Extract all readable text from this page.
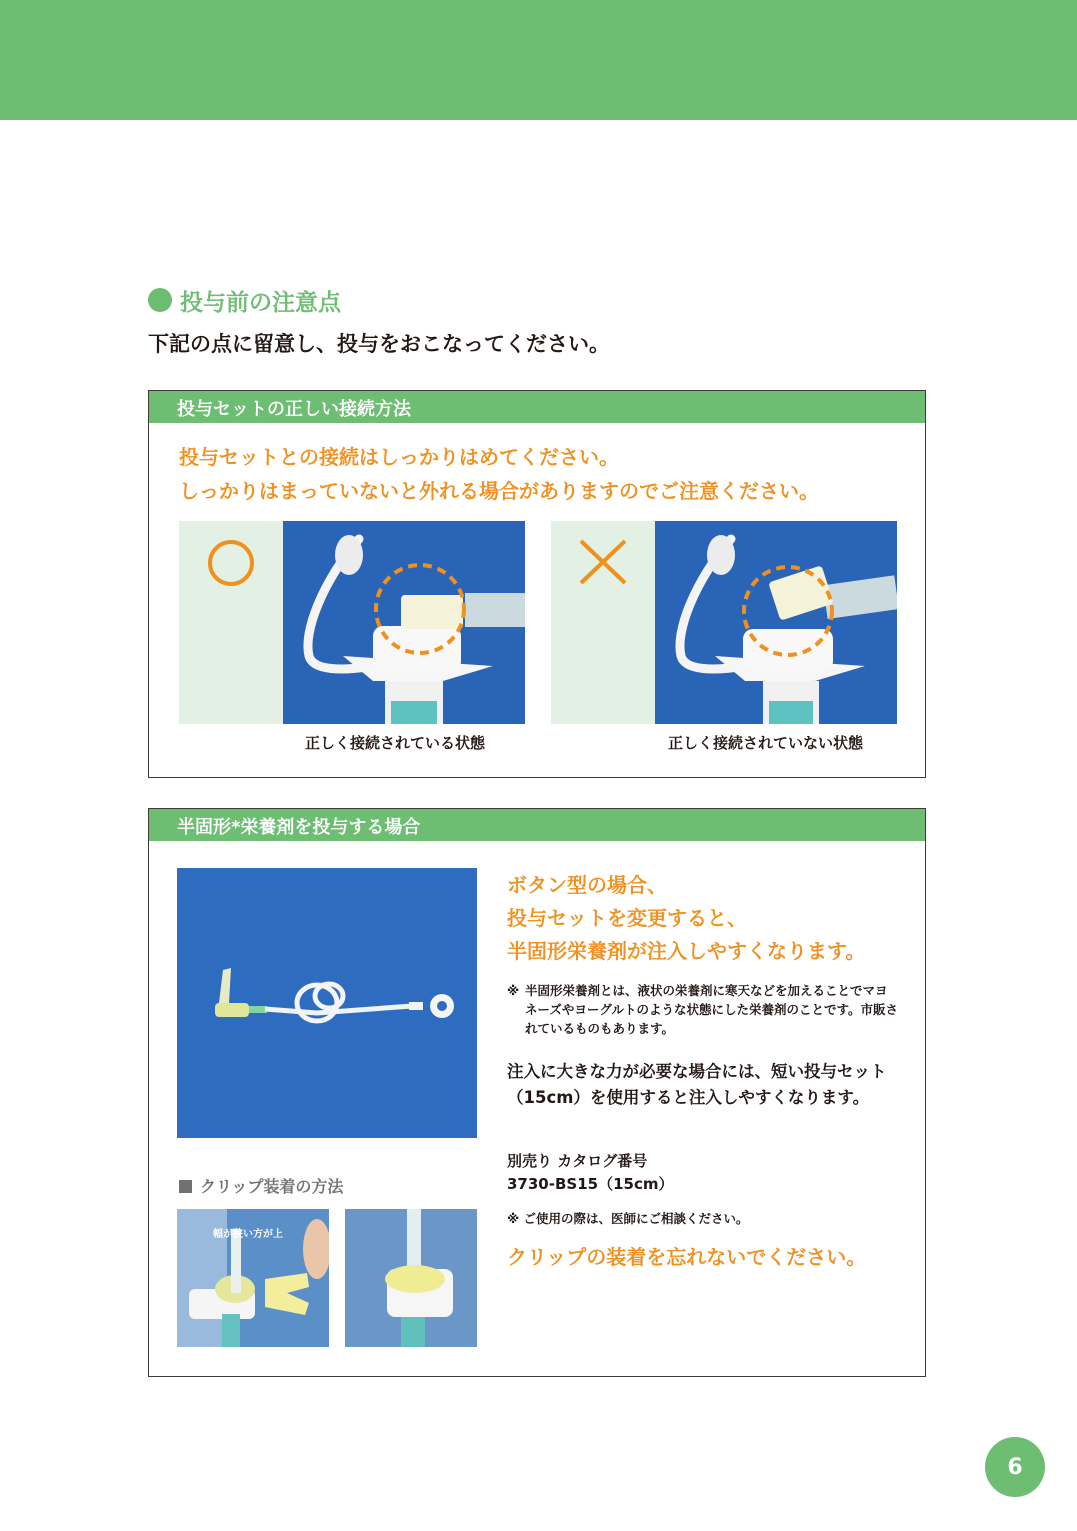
投与前の注意点
下記の点に留意し、投与をおこなってください。
投与セットの正しい接続方法
投与セットとの接続はしっかりはめてください。
しっかりはまっていないと外れる場合がありますのでご注意ください。
正しく接続されている状態	正しく接続されていない状態
半固形*栄養剤を投与する場合
クリップ装着の方法
幅が狭い方が上
ボタン型の場合、
投与セットを変更すると、
半固形栄養剤が注入しやすくなります。
※ 半固形栄養剤とは、液状の栄養剤に寒天などを加えることでマヨネーズやヨーグルトのような状態にした栄養剤のことです。市販されているものもあります。
注入に大きな力が必要な場合には、短い投与セット（15cm）を使用すると注入しやすくなります。
別売り カタログ番号
3730-BS15（15cm）
※ ご使用の際は、医師にご相談ください。
クリップの装着を忘れないでください。
6
